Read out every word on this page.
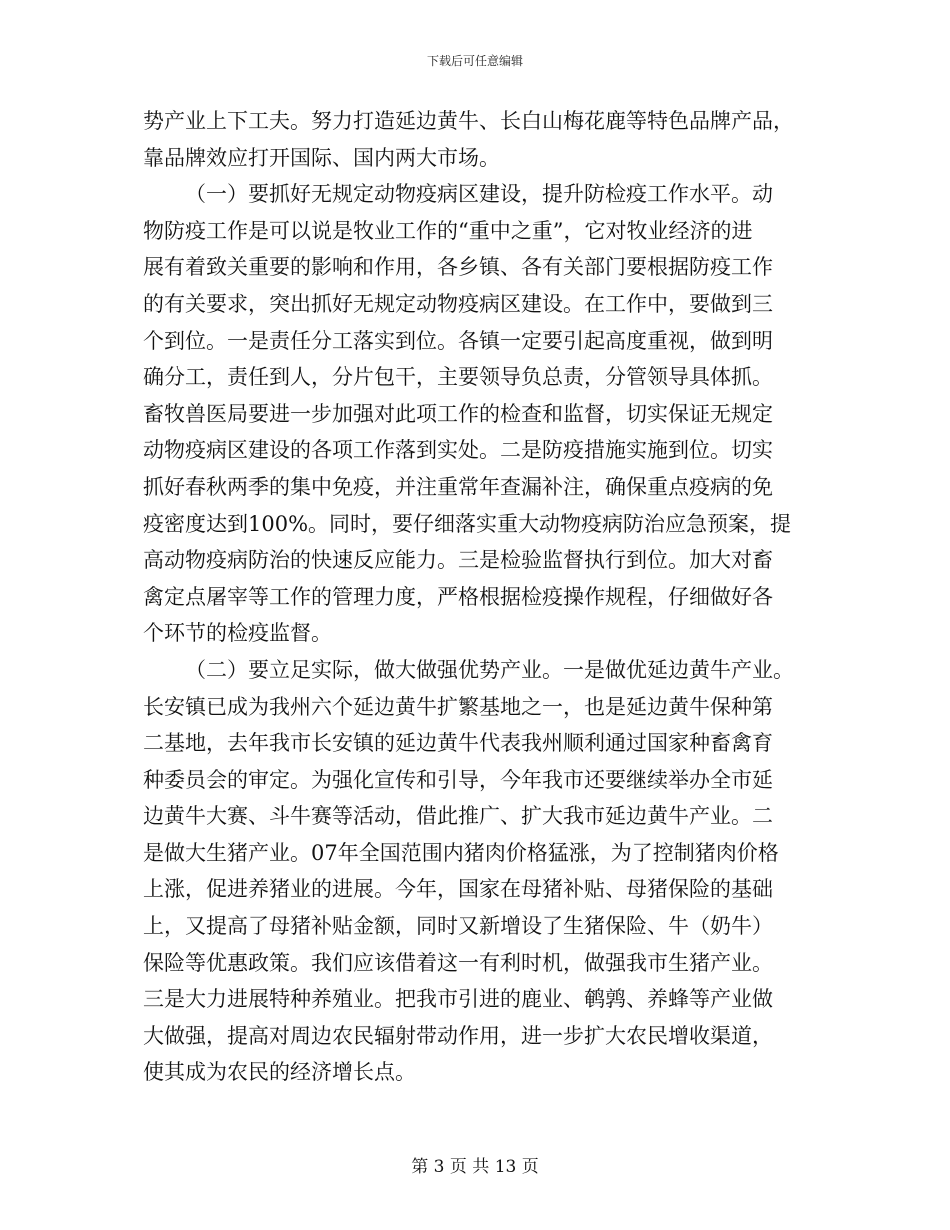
下载后可任意编辑
势产业上下工夫。努力打造延边黄牛、长白山梅花鹿等特色品牌产品，
靠品牌效应打开国际、国内两大市场。
（一）要抓好无规定动物疫病区建设，提升防检疫工作水平。动
物防疫工作是可以说是牧业工作的“重中之重”，它对牧业经济的进
展有着致关重要的影响和作用，各乡镇、各有关部门要根据防疫工作
的有关要求，突出抓好无规定动物疫病区建设。在工作中，要做到三
个到位。一是责任分工落实到位。各镇一定要引起高度重视，做到明
确分工，责任到人，分片包干，主要领导负总责，分管领导具体抓。
畜牧兽医局要进一步加强对此项工作的检查和监督，切实保证无规定
动物疫病区建设的各项工作落到实处。二是防疫措施实施到位。切实
抓好春秋两季的集中免疫，并注重常年查漏补注，确保重点疫病的免
疫密度达到100%。同时，要仔细落实重大动物疫病防治应急预案，提
高动物疫病防治的快速反应能力。三是检验监督执行到位。加大对畜
禽定点屠宰等工作的管理力度，严格根据检疫操作规程，仔细做好各
个环节的检疫监督。
（二）要立足实际，做大做强优势产业。一是做优延边黄牛产业。
长安镇已成为我州六个延边黄牛扩繁基地之一，也是延边黄牛保种第
二基地，去年我市长安镇的延边黄牛代表我州顺利通过国家种畜禽育
种委员会的审定。为强化宣传和引导，今年我市还要继续举办全市延
边黄牛大赛、斗牛赛等活动，借此推广、扩大我市延边黄牛产业。二
是做大生猪产业。07年全国范围内猪肉价格猛涨，为了控制猪肉价格
上涨，促进养猪业的进展。今年，国家在母猪补贴、母猪保险的基础
上，又提高了母猪补贴金额，同时又新增设了生猪保险、牛（奶牛）
保险等优惠政策。我们应该借着这一有利时机，做强我市生猪产业。
三是大力进展特种养殖业。把我市引进的鹿业、鹌鹑、养蜂等产业做
大做强，提高对周边农民辐射带动作用，进一步扩大农民增收渠道，
使其成为农民的经济增长点。
第 3 页 共 13 页
